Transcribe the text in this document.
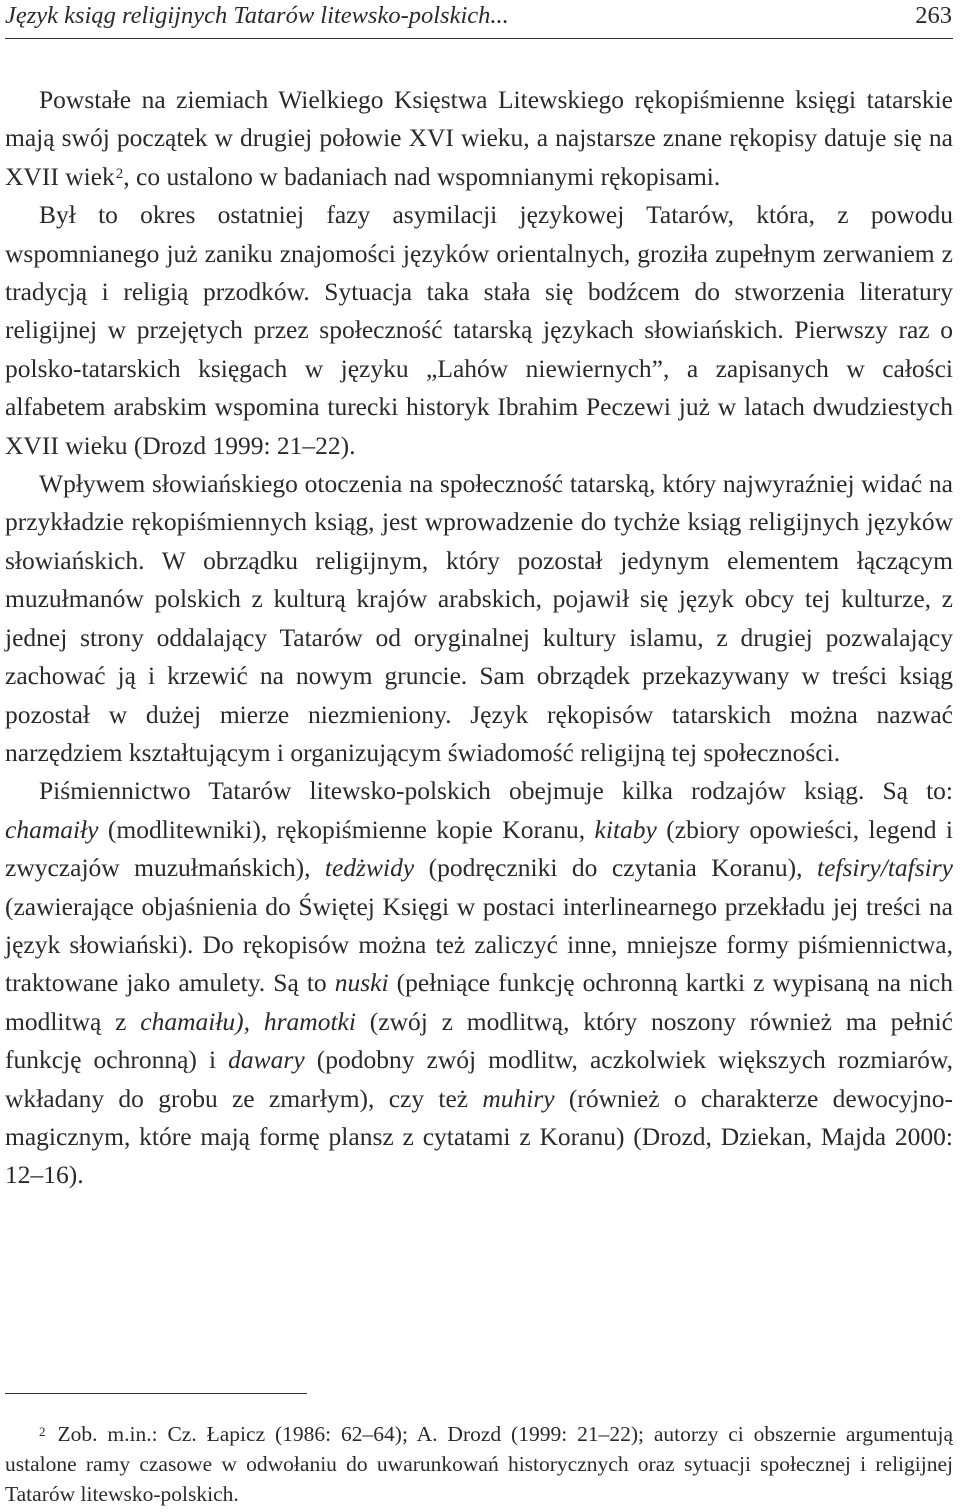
Język ksiąg religijnych Tatarów litewsko-polskich...	263

Powstałe na ziemiach Wielkiego Księstwa Litewskiego rękopiśmienne księgi tatarskie mają swój początek w drugiej połowie XVI wieku, a najstarsze znane rękopisy datuje się na XVII wiek$^2$, co ustalono w badaniach nad wspomnianymi rękopisami.

Był to okres ostatniej fazy asymilacji językowej Tatarów, która, z powodu wspomnianego już zaniku znajomości języków orientalnych, groziła zupełnym zerwaniem z tradycją i religią przodków. Sytuacja taka stała się bodźcem do stworzenia literatury religijnej w przejętych przez społeczność tatarską językach słowiańskich. Pierwszy raz o polsko-tatarskich księgach w języku „Lahów niewiernych”, a zapisanych w całości alfabetem arabskim wspomina turecki historyk Ibrahim Peczewi już w latach dwudziestych XVII wieku (Drozd 1999: 21–22).

Wpływem słowiańskiego otoczenia na społeczność tatarską, który najwyraźniej widać na przykładzie rękopiśmiennych ksiąg, jest wprowadzenie do tychże ksiąg religijnych języków słowiańskich. W obrządku religijnym, który pozostał jedynym elementem łączącym muzułmanów polskich z kulturą krajów arabskich, pojawił się język obcy tej kulturze, z jednej strony oddalający Tatarów od oryginalnej kultury islamu, z drugiej pozwalający zachować ją i krzewić na nowym gruncie. Sam obrządek przekazywany w treści ksiąg pozostał w dużej mierze niezmieniony. Język rękopisów tatarskich można nazwać narzędziem kształtującym i organizującym świadomość religijną tej społeczności.

Piśmiennictwo Tatarów litewsko-polskich obejmuje kilka rodzajów ksiąg. Są to: chamaiły (modlitewniki), rękopiśmienne kopie Koranu, kitaby (zbiory opowieści, legend i zwyczajów muzułmańskich), tedżwidy (podręczniki do czytania Koranu), tefsiry/tafsiry (zawierające objaśnienia do Świętej Księgi w postaci interlinearnego przekładu jej treści na język słowiański). Do rękopisów można też zaliczyć inne, mniejsze formy piśmiennictwa, traktowane jako amulety. Są to nuski (pełniące funkcję ochronną kartki z wypisaną na nich modlitwą z chamaiłu), hramotki (zwój z modlitwą, który noszony również ma pełnić funkcję ochronną) i dawary (podobny zwój modlitw, aczkolwiek większych rozmiarów, wkładany do grobu ze zmarłym), czy też muhiry (również o charakterze dewocyjno-magicznym, które mają formę plansz z cytatami z Koranu) (Drozd, Dziekan, Majda 2000: 12–16).

$^2$ Zob. m.in.: Cz. Łapicz (1986: 62–64); A. Drozd (1999: 21–22); autorzy ci obszernie argumentują ustalone ramy czasowe w odwołaniu do uwarunkowań historycznych oraz sytuacji społecznej i religijnej Tatarów litewsko-polskich.
